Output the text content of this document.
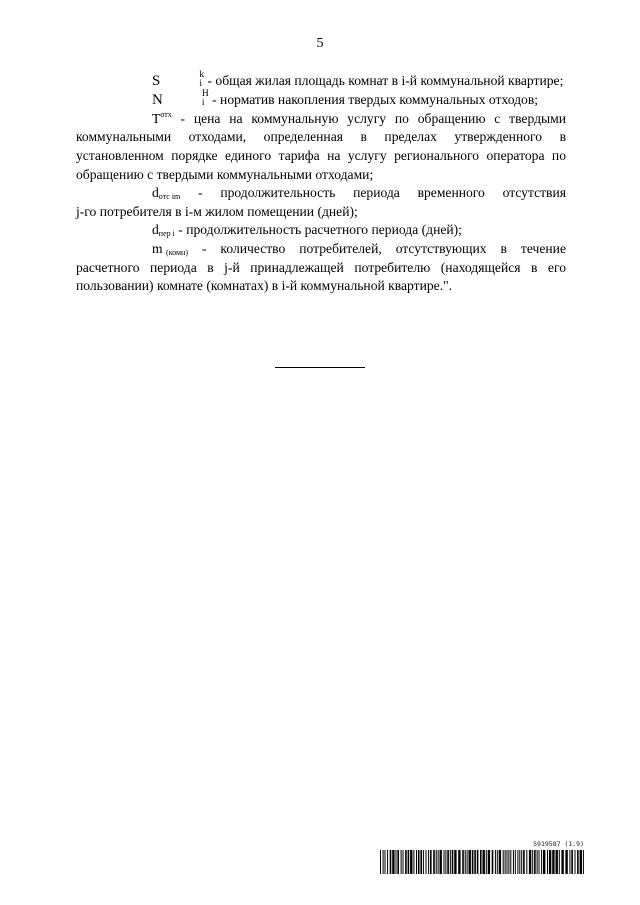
5

S	k
i - общая жилая площадь комнат в i-й коммунальной квартире;

N	H
i - норматив накопления твердых коммунальных отходов;

$T^{отх}$ - цена на коммунальную услугу по обращению с твердыми

коммунальными отходами, определенная в пределах утвержденного в установленном порядке единого тарифа на услугу регионального оператора по обращению с твердыми коммунальными отходами;

$d_{отс im}$ - продолжительность периода временного отсутствия

j-го потребителя в i-м жилом помещении (дней);

$d_{пер i}$ - продолжительность расчетного периода (дней);

m $_{(комн)}$ - количество потребителей, отсутствующих в течение

расчетного периода в j-й принадлежащей потребителю (находящейся в его пользовании) комнате (комнатах) в i-й коммунальной квартире.".

5919587 (1.9)
